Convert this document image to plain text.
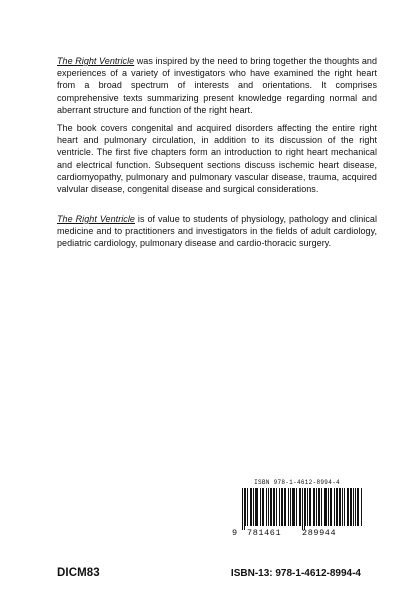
The Right Ventricle was inspired by the need to bring together the thoughts and experiences of a variety of investigators who have examined the right heart from a broad spectrum of interests and orientations. It comprises comprehensive texts summarizing present knowledge regarding normal and aberrant structure and function of the right heart.

The book covers congenital and acquired disorders affecting the entire right heart and pulmonary circulation, in addition to its discussion of the right ventricle. The first five chapters form an introduction to right heart mechanical and electrical function. Subsequent sections discuss ischemic heart disease, cardiomyopathy, pulmonary and pulmonary vascular disease, trauma, acquired valvular disease, congenital disease and surgical considerations.

The Right Ventricle is of value to students of physiology, pathology and clinical medicine and to practitioners and investigators in the fields of adult cardiology, pediatric cardiology, pulmonary disease and cardio-thoracic surgery.

ISBN 978-1-4612-8994-4
9 781461 289944
DICM83	ISBN-13: 978-1-4612-8994-4
